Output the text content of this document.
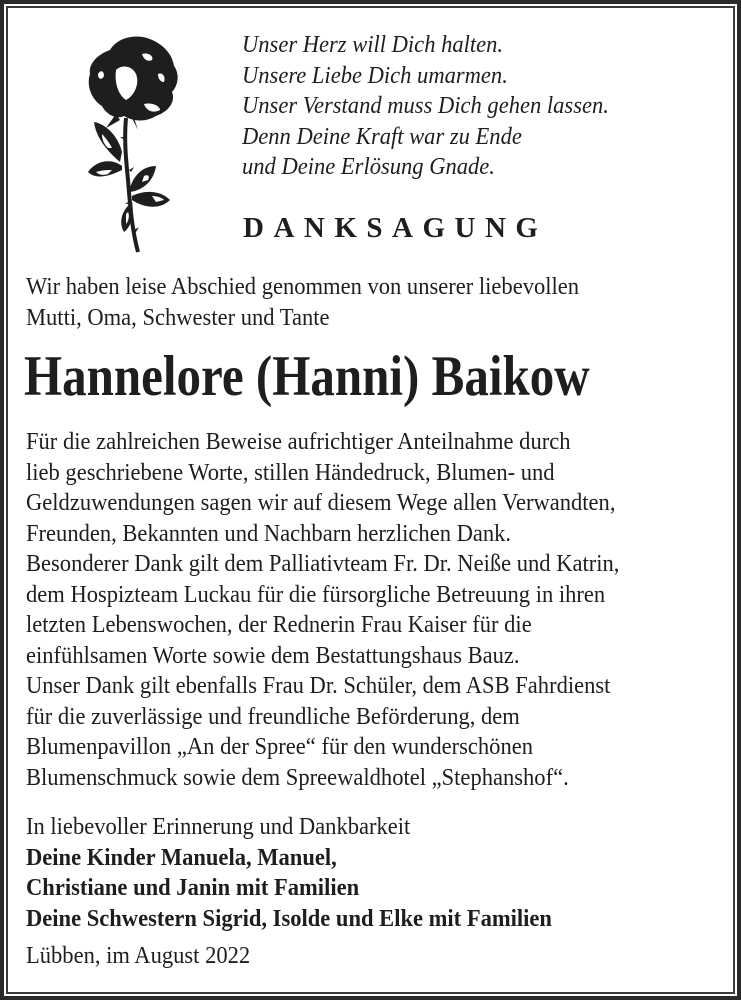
Unser Herz will Dich halten.
Unsere Liebe Dich umarmen.
Unser Verstand muss Dich gehen lassen.
Denn Deine Kraft war zu Ende
und Deine Erlösung Gnade.
DANKSAGUNG
Wir haben leise Abschied genommen von unserer liebevollen
Mutti, Oma, Schwester und Tante
Hannelore (Hanni) Baikow
Für die zahlreichen Beweise aufrichtiger Anteilnahme durch
lieb geschriebene Worte, stillen Händedruck, Blumen- und
Geldzuwendungen sagen wir auf diesem Wege allen Verwandten,
Freunden, Bekannten und Nachbarn herzlichen Dank.
Besonderer Dank gilt dem Palliativteam Fr. Dr. Neiße und Katrin,
dem Hospizteam Luckau für die fürsorgliche Betreuung in ihren
letzten Lebenswochen, der Rednerin Frau Kaiser für die
einfühlsamen Worte sowie dem Bestattungshaus Bauz.
Unser Dank gilt ebenfalls Frau Dr. Schüler, dem ASB Fahrdienst
für die zuverlässige und freundliche Beförderung, dem
Blumenpavillon „An der Spree“ für den wunderschönen
Blumenschmuck sowie dem Spreewaldhotel „Stephanshof“.
In liebevoller Erinnerung und Dankbarkeit
Deine Kinder Manuela, Manuel,
Christiane und Janin mit Familien
Deine Schwestern Sigrid, Isolde und Elke mit Familien
Lübben, im August 2022
